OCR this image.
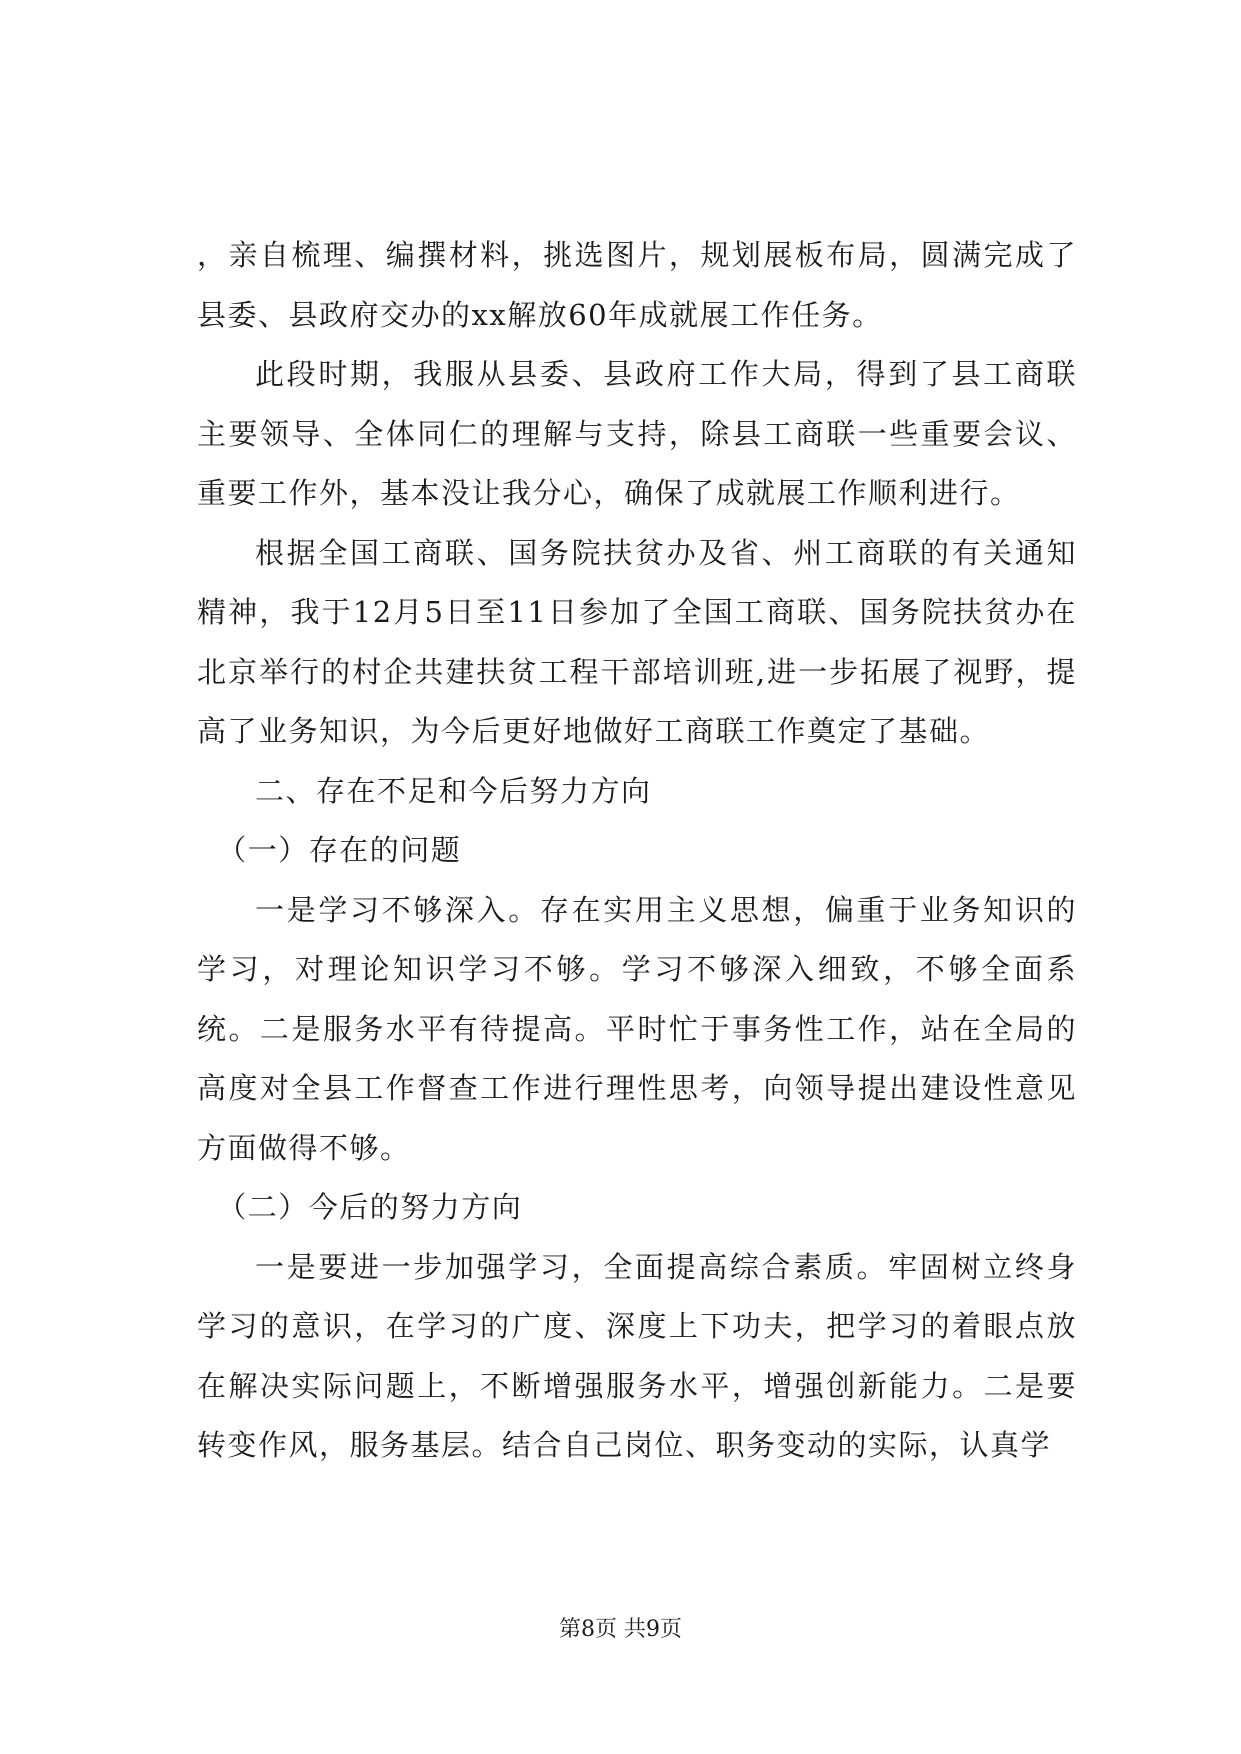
，亲自梳理、编撰材料，挑选图片，规划展板布局，圆满完成了县委、县政府交办的xx解放60年成就展工作任务。

此段时期，我服从县委、县政府工作大局，得到了县工商联主要领导、全体同仁的理解与支持，除县工商联一些重要会议、重要工作外，基本没让我分心，确保了成就展工作顺利进行。

根据全国工商联、国务院扶贫办及省、州工商联的有关通知精神，我于12月5日至11日参加了全国工商联、国务院扶贫办在北京举行的村企共建扶贫工程干部培训班,进一步拓展了视野，提高了业务知识，为今后更好地做好工商联工作奠定了基础。

二、存在不足和今后努力方向

（一）存在的问题

一是学习不够深入。存在实用主义思想，偏重于业务知识的学习，对理论知识学习不够。学习不够深入细致，不够全面系统。二是服务水平有待提高。平时忙于事务性工作，站在全局的高度对全县工作督查工作进行理性思考，向领导提出建设性意见方面做得不够。

（二）今后的努力方向

一是要进一步加强学习，全面提高综合素质。牢固树立终身学习的意识，在学习的广度、深度上下功夫，把学习的着眼点放在解决实际问题上，不断增强服务水平，增强创新能力。二是要转变作风，服务基层。结合自己岗位、职务变动的实际，认真学

第8页 共9页
